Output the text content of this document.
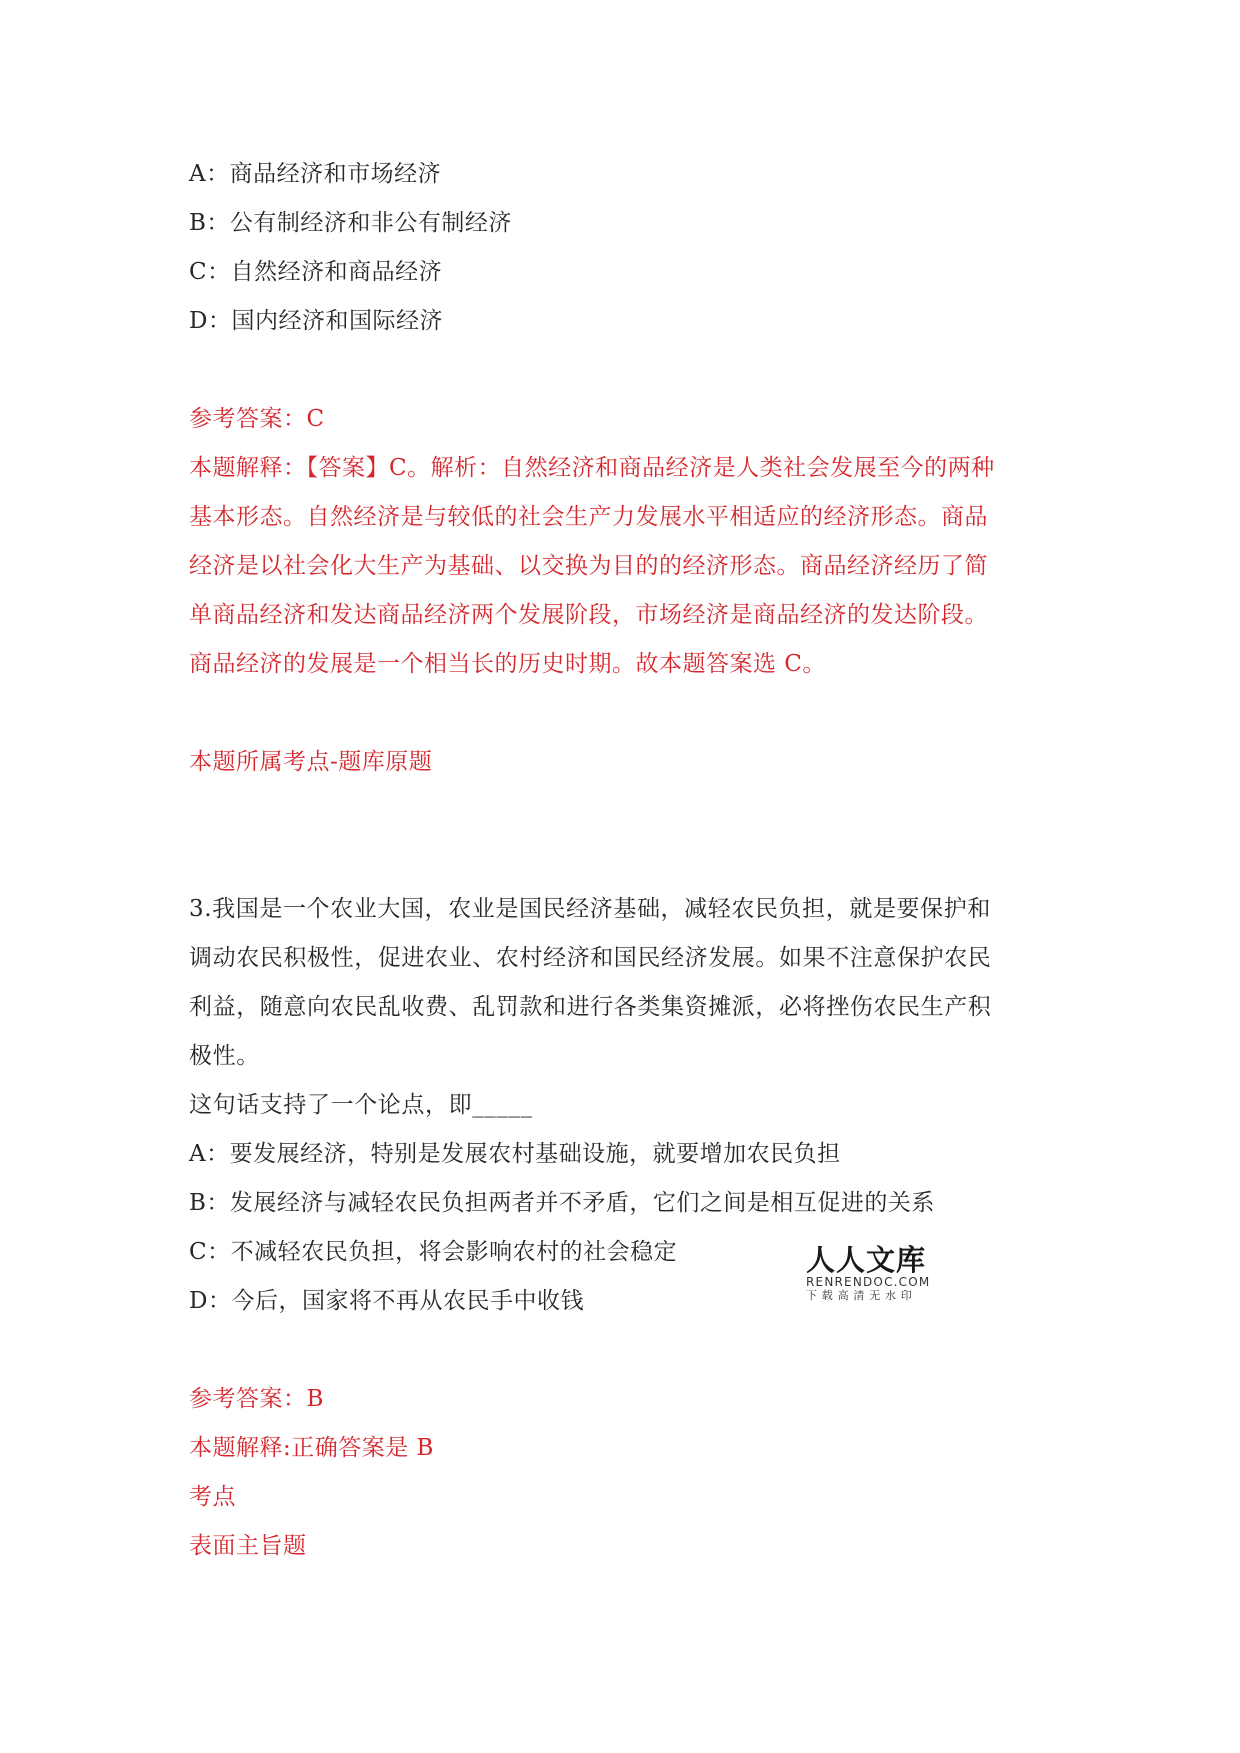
A：商品经济和市场经济
B：公有制经济和非公有制经济
C：自然经济和商品经济
D：国内经济和国际经济
参考答案：C
本题解释：【答案】C。解析：自然经济和商品经济是人类社会发展至今的两种
基本形态。自然经济是与较低的社会生产力发展水平相适应的经济形态。商品
经济是以社会化大生产为基础、以交换为目的的经济形态。商品经济经历了简
单商品经济和发达商品经济两个发展阶段，市场经济是商品经济的发达阶段。
商品经济的发展是一个相当长的历史时期。故本题答案选 C。
本题所属考点-题库原题
3.我国是一个农业大国，农业是国民经济基础，减轻农民负担，就是要保护和
调动农民积极性，促进农业、农村经济和国民经济发展。如果不注意保护农民
利益，随意向农民乱收费、乱罚款和进行各类集资摊派，必将挫伤农民生产积
极性。
这句话支持了一个论点，即_____
A：要发展经济，特别是发展农村基础设施，就要增加农民负担
B：发展经济与减轻农民负担两者并不矛盾，它们之间是相互促进的关系
C：不减轻农民负担，将会影响农村的社会稳定
D：今后，国家将不再从农民手中收钱
参考答案：B
本题解释:正确答案是 B
考点
表面主旨题
人人文库
RENRENDOC.COM
下载高清无水印
